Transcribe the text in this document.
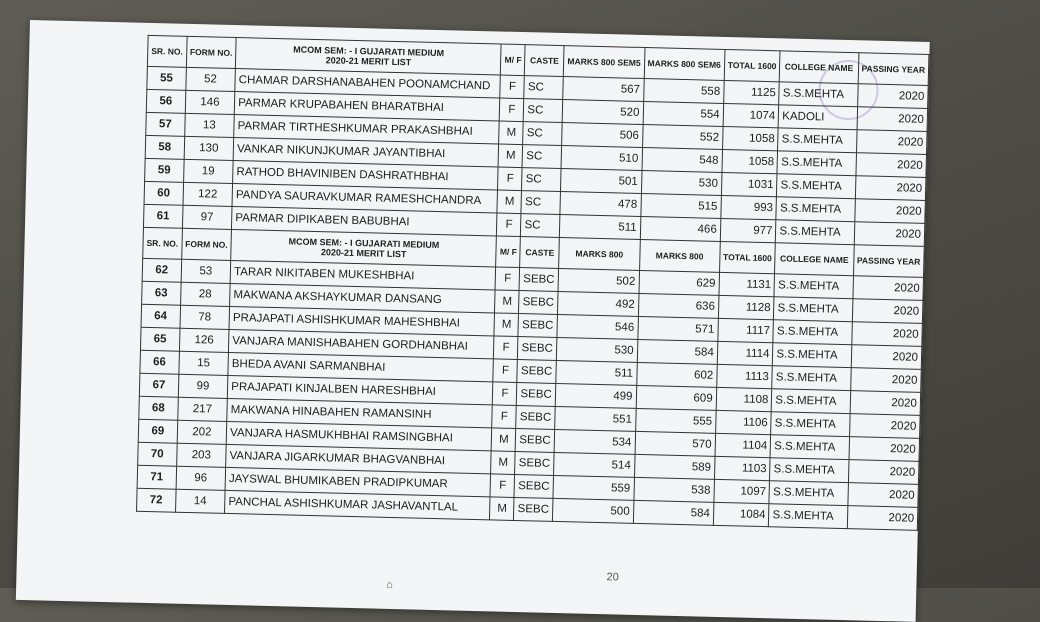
SR. NO.	FORM NO.	MCOM SEM: - I GUJARATI MEDIUM
2020-21 MERIT LIST	M/ F	CASTE	MARKS 800 SEM5	MARKS 800 SEM6	TOTAL 1600	COLLEGE NAME	PASSING YEAR
55	52	CHAMAR DARSHANABAHEN POONAMCHAND	F	SC	567	558	1125	S.S.MEHTA	2020
56	146	PARMAR KRUPABAHEN BHARATBHAI	F	SC	520	554	1074	KADOLI	2020
57	13	PARMAR TIRTHESHKUMAR PRAKASHBHAI	M	SC	506	552	1058	S.S.MEHTA	2020
58	130	VANKAR NIKUNJKUMAR JAYANTIBHAI	M	SC	510	548	1058	S.S.MEHTA	2020
59	19	RATHOD BHAVINIBEN DASHRATHBHAI	F	SC	501	530	1031	S.S.MEHTA	2020
60	122	PANDYA SAURAVKUMAR RAMESHCHANDRA	M	SC	478	515	993	S.S.MEHTA	2020
61	97	PARMAR DIPIKABEN BABUBHAI	F	SC	511	466	977	S.S.MEHTA	2020
SR. NO.	FORM NO.	MCOM SEM: - I GUJARATI MEDIUM
2020-21 MERIT LIST	M/ F	CASTE	MARKS 800	MARKS 800	TOTAL 1600	COLLEGE NAME	PASSING YEAR
62	53	TARAR NIKITABEN MUKESHBHAI	F	SEBC	502	629	1131	S.S.MEHTA	2020
63	28	MAKWANA AKSHAYKUMAR DANSANG	M	SEBC	492	636	1128	S.S.MEHTA	2020
64	78	PRAJAPATI ASHISHKUMAR MAHESHBHAI	M	SEBC	546	571	1117	S.S.MEHTA	2020
65	126	VANJARA MANISHABAHEN GORDHANBHAI	F	SEBC	530	584	1114	S.S.MEHTA	2020
66	15	BHEDA AVANI SARMANBHAI	F	SEBC	511	602	1113	S.S.MEHTA	2020
67	99	PRAJAPATI KINJALBEN HARESHBHAI	F	SEBC	499	609	1108	S.S.MEHTA	2020
68	217	MAKWANA HINABAHEN RAMANSINH	F	SEBC	551	555	1106	S.S.MEHTA	2020
69	202	VANJARA HASMUKHBHAI RAMSINGBHAI	M	SEBC	534	570	1104	S.S.MEHTA	2020
70	203	VANJARA JIGARKUMAR BHAGVANBHAI	M	SEBC	514	589	1103	S.S.MEHTA	2020
71	96	JAYSWAL BHUMIKABEN PRADIPKUMAR	F	SEBC	559	538	1097	S.S.MEHTA	2020
72	14	PANCHAL ASHISHKUMAR JASHAVANTLAL	M	SEBC	500	584	1084	S.S.MEHTA	2020
⌂
20
